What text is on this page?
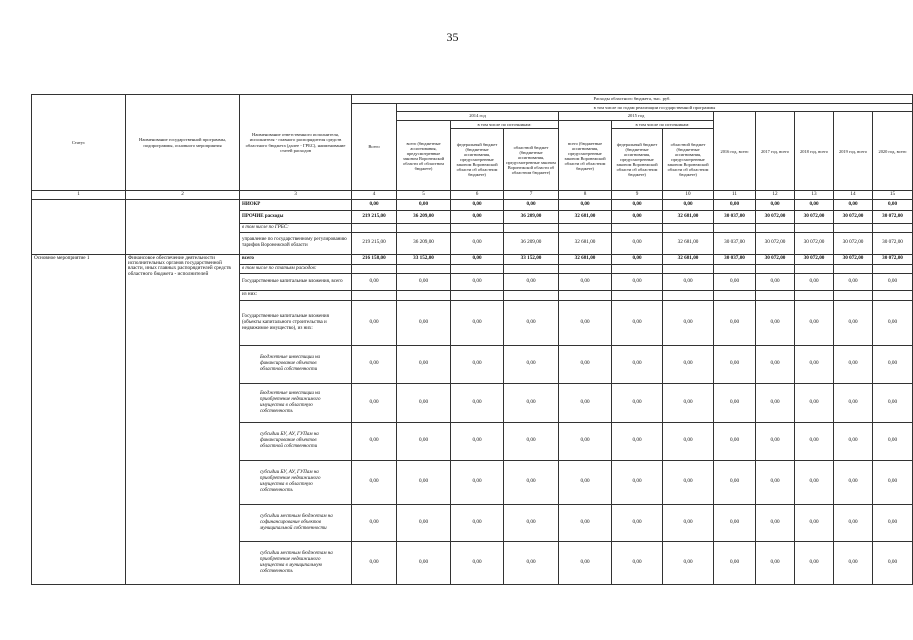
35
Статус	Наименование государственной программы, подпрограммы, основного мероприятия	Наименование ответственного исполнителя, исполнителя - главного распорядителя средств областного бюджета (далее - ГРБС), наименование статей расходов	Расходы областного бюджета, тыс. руб.											
			Всего	в том числе по годам реализации государственной программы										
				2014 год			2015 год			2016 год, всего	2017 год, всего	2018 год, всего	2019 год, всего	2020 год, всего
				всего (бюджетные ассигнования, предусмотренные законом Воронежской области об областном бюджете)	в том числе по источникам:		всего (бюджетные ассигнования, предусмотренные законом Воронежской области об областном бюджете)	в том числе по источникам:						
					федеральный бюджет (бюджетные ассигнования, предусмотренные законом Воронежской области об областном бюджете)	областной бюджет (бюджетные ассигнования, предусмотренные законом Воронежской области об областном бюджете)		федеральный бюджет (бюджетные ассигнования, предусмотренные законом Воронежской области об областном бюджете)	областной бюджет (бюджетные ассигнования, предусмотренные законом Воронежской области об областном бюджете)					
1	2	3	4	5	6	7	8	9	10	11	12	13	14	15
		НИОКР	0,00	0,00	0,00	0,00	0,00	0,00	0,00	0,00	0,00	0,00	0,00	0,00
		ПРОЧИЕ расходы	219 215,00	36 209,00	0,00	36 209,00	32 681,00	0,00	32 681,00	30 037,00	30 072,00	30 072,00	30 072,00	30 072,00
		в том числе по ГРБС:												
		управление по государственному регулированию тарифов Воронежской области	219 215,00	36 209,00	0,00	36 209,00	32 681,00	0,00	32 681,00	30 037,00	30 072,00	30 072,00	30 072,00	30 072,00
Основное мероприятие 1	Финансовое обеспечение деятельности исполнительных органов государственной власти, иных главных распорядителей средств областного бюджета - исполнителей	всего	216 158,00	33 152,00	0,00	33 152,00	32 681,00	0,00	32 681,00	30 037,00	30 072,00	30 072,00	30 072,00	30 072,00
		в том числе по статьям расходов:												
		Государственные капитальные вложения, всего	0,00	0,00	0,00	0,00	0,00	0,00	0,00	0,00	0,00	0,00	0,00	0,00
		из них:												
		Государственные капитальные вложения (объекты капитального строительства и недвижимое имущество), из них:	0,00	0,00	0,00	0,00	0,00	0,00	0,00	0,00	0,00	0,00	0,00	0,00
		Бюджетные инвестиции на финансирование объектов областной собственности	0,00	0,00	0,00	0,00	0,00	0,00	0,00	0,00	0,00	0,00	0,00	0,00
		Бюджетные инвестиции на приобретение недвижимого имущества в областную собственность	0,00	0,00	0,00	0,00	0,00	0,00	0,00	0,00	0,00	0,00	0,00	0,00
		субсидии БУ, АУ, ГУПам на финансирование объектов областной собственности	0,00	0,00	0,00	0,00	0,00	0,00	0,00	0,00	0,00	0,00	0,00	0,00
		субсидии БУ, АУ, ГУПам на приобретение недвижимого имущества в областную собственность	0,00	0,00	0,00	0,00	0,00	0,00	0,00	0,00	0,00	0,00	0,00	0,00
		субсидии местным бюджетам на софинансирование объектов муниципальной собственности	0,00	0,00	0,00	0,00	0,00	0,00	0,00	0,00	0,00	0,00	0,00	0,00
		субсидии местным бюджетам на приобретение недвижимого имущества в муниципальную собственность	0,00	0,00	0,00	0,00	0,00	0,00	0,00	0,00	0,00	0,00	0,00	0,00
